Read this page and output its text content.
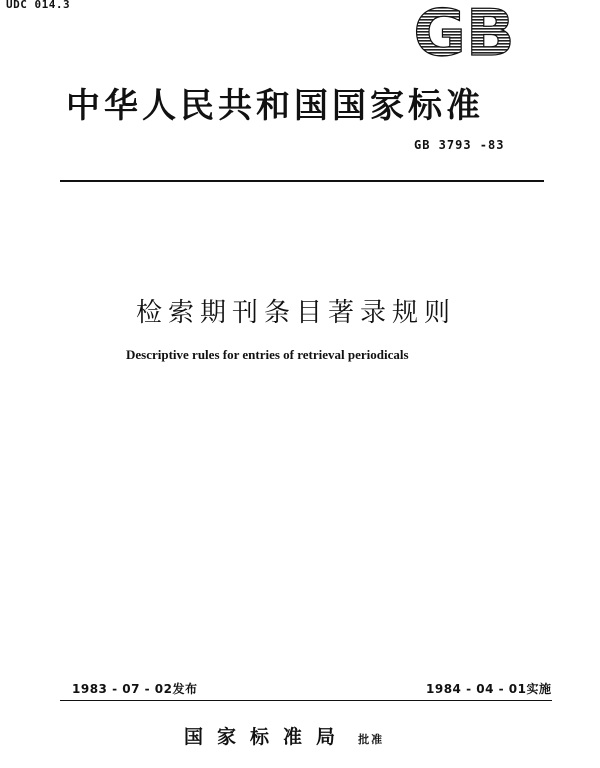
UDC 014.3	GB
中华人民共和国国家标准
GB 3793 -83
检索期刊条目著录规则
Descriptive rules for entries of retrieval periodicals
1983 - 07 - 02发布	1984 - 04 - 01实施
国家标准局 批准
